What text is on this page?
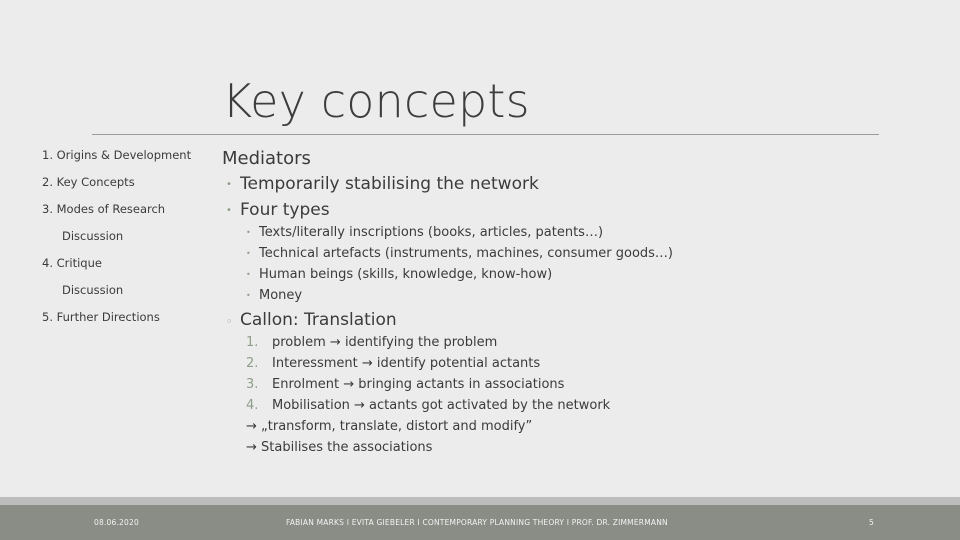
Key concepts
1. Origins & Development
2. Key Concepts
3. Modes of Research
Discussion
4. Critique
Discussion
5. Further Directions
Mediators
• Temporarily stabilising the network
• Four types
• Texts/literally inscriptions (books, articles, patents…)
• Technical artefacts (instruments, machines, consumer goods…)
• Human beings (skills, knowledge, know-how)
• Money
◦ Callon: Translation
1. problem → identifying the problem
2. Interessment → identify potential actants
3. Enrolment → bringing actants in associations
4. Mobilisation → actants got activated by the network
→ „transform, translate, distort and modify”
→ Stabilises the associations
08.06.2020	FABIAN MARKS I EVITA GIEBELER I CONTEMPORARY PLANNING THEORY I PROF. DR. ZIMMERMANN	5
